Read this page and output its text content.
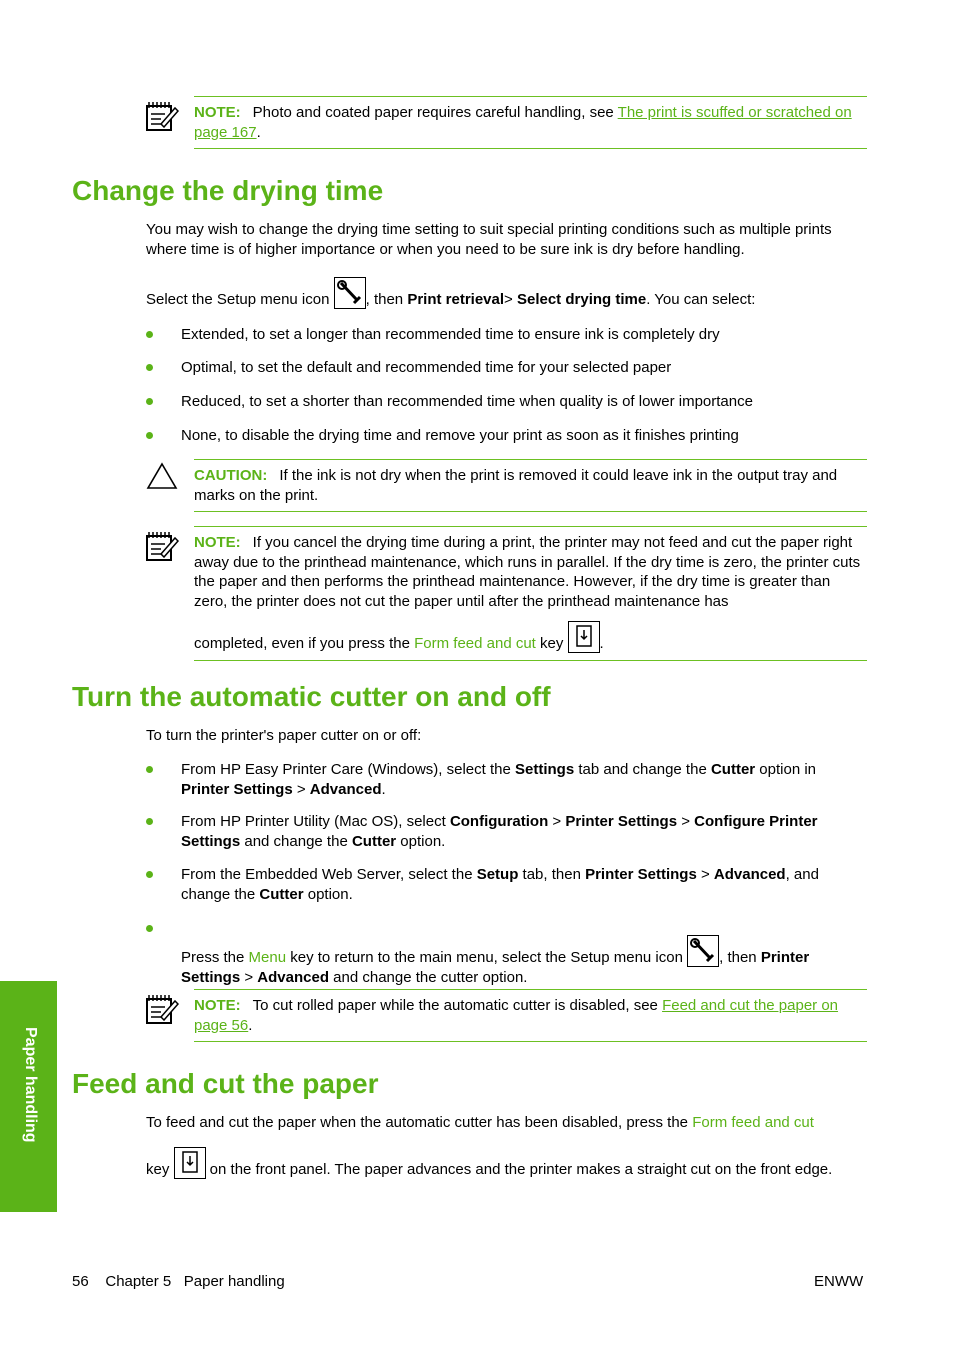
NOTE: Photo and coated paper requires careful handling, see The print is scuffed or scratched on page 167.
Change the drying time
You may wish to change the drying time setting to suit special printing conditions such as multiple prints where time is of higher importance or when you need to be sure ink is dry before handling.
Select the Setup menu icon , then Print retrieval> Select drying time. You can select:
Extended, to set a longer than recommended time to ensure ink is completely dry
Optimal, to set the default and recommended time for your selected paper
Reduced, to set a shorter than recommended time when quality is of lower importance
None, to disable the drying time and remove your print as soon as it finishes printing
CAUTION: If the ink is not dry when the print is removed it could leave ink in the output tray and marks on the print.
NOTE: If you cancel the drying time during a print, the printer may not feed and cut the paper right away due to the printhead maintenance, which runs in parallel. If the dry time is zero, the printer cuts the paper and then performs the printhead maintenance. However, if the dry time is greater than zero, the printer does not cut the paper until after the printhead maintenance has
completed, even if you press the Form feed and cut key .
Turn the automatic cutter on and off
To turn the printer's paper cutter on or off:
From HP Easy Printer Care (Windows), select the Settings tab and change the Cutter option in Printer Settings > Advanced.
From HP Printer Utility (Mac OS), select Configuration > Printer Settings > Configure Printer Settings and change the Cutter option.
From the Embedded Web Server, select the Setup tab, then Printer Settings > Advanced, and change the Cutter option.
Press the Menu key to return to the main menu, select the Setup menu icon , then Printer Settings > Advanced and change the cutter option.
NOTE: To cut rolled paper while the automatic cutter is disabled, see Feed and cut the paper on page 56.
Feed and cut the paper
To feed and cut the paper when the automatic cutter has been disabled, press the Form feed and cut
key  on the front panel. The paper advances and the printer makes a straight cut on the front edge.
Paper handling
56 Chapter 5 Paper handling	ENWW
